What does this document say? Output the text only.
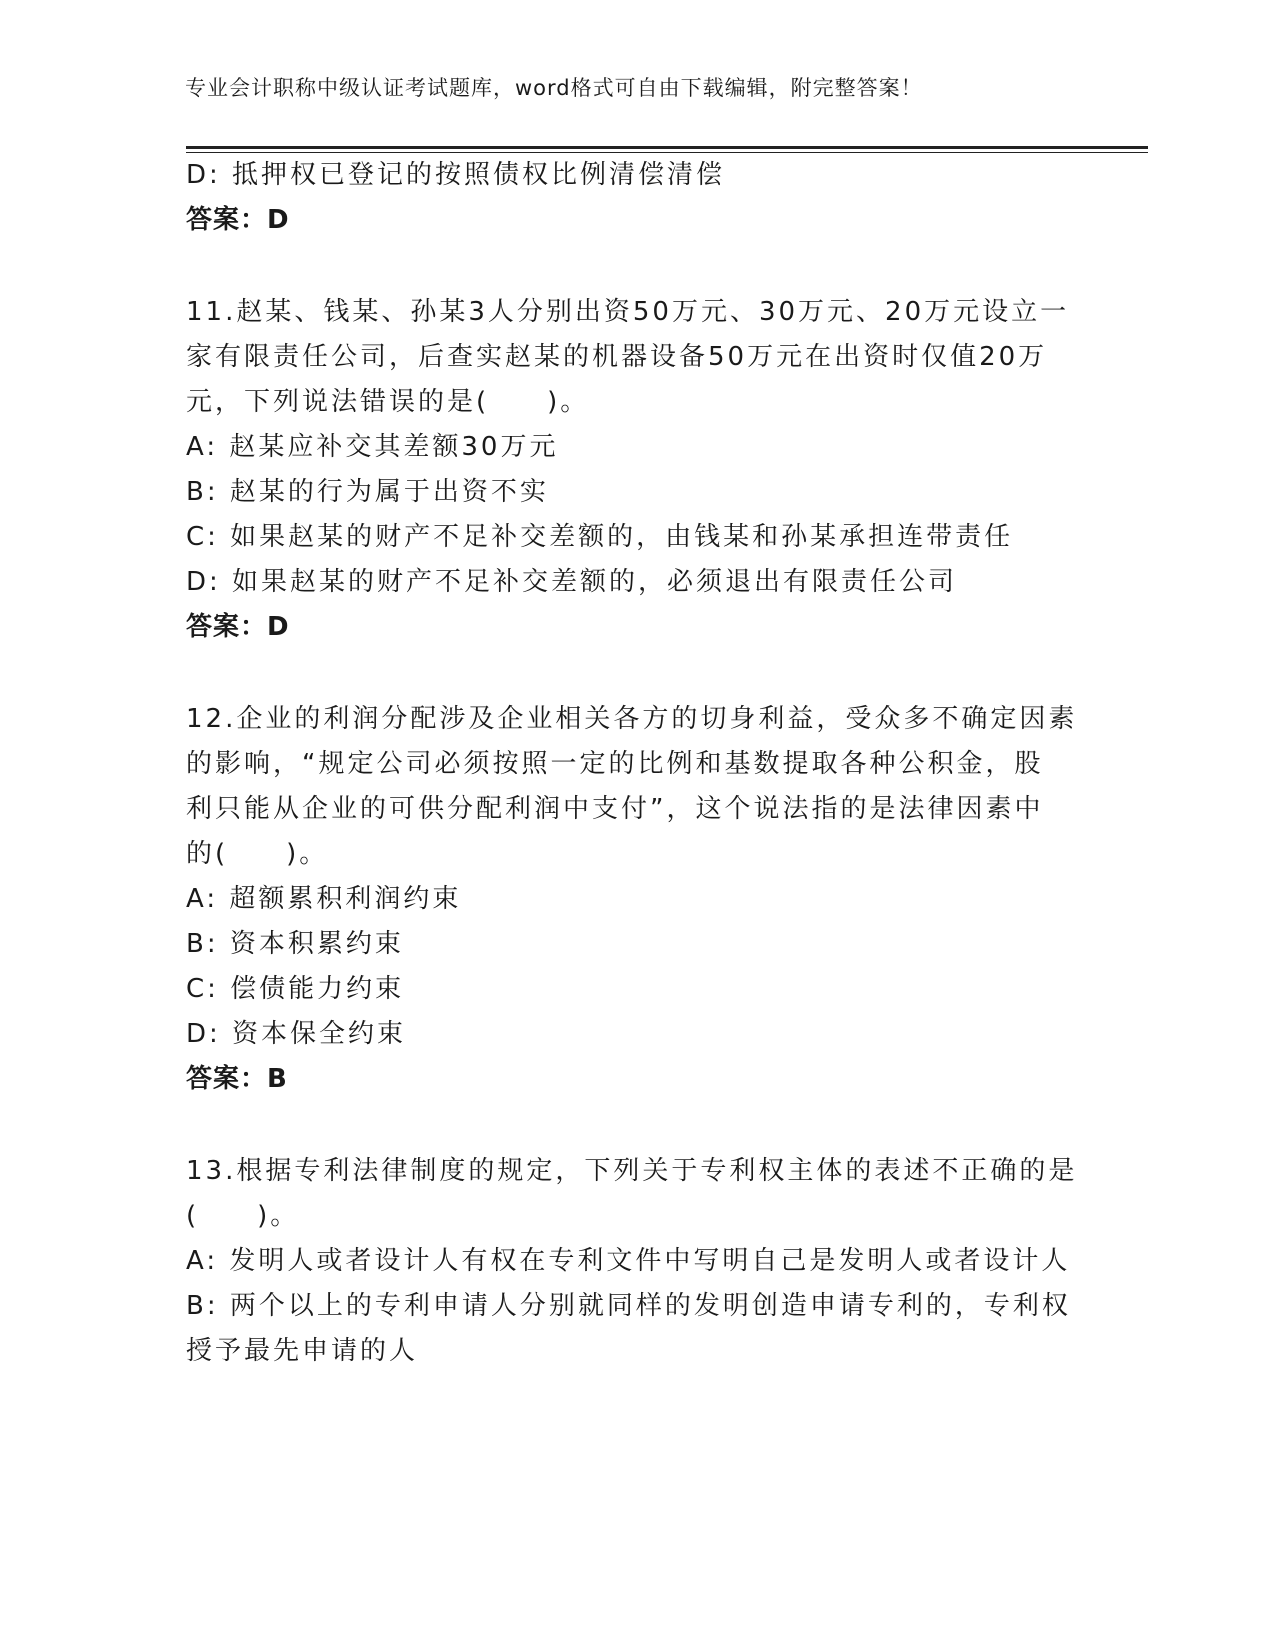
专业会计职称中级认证考试题库，word格式可自由下载编辑，附完整答案！
D: 抵押权已登记的按照债权比例清偿清偿
答案：D
11.赵某、钱某、孙某3人分别出资50万元、30万元、20万元设立一
家有限责任公司，后查实赵某的机器设备50万元在出资时仅值20万
元，下列说法错误的是(　　)。
A: 赵某应补交其差额30万元
B: 赵某的行为属于出资不实
C: 如果赵某的财产不足补交差额的，由钱某和孙某承担连带责任
D: 如果赵某的财产不足补交差额的，必须退出有限责任公司
答案：D
12.企业的利润分配涉及企业相关各方的切身利益，受众多不确定因素
的影响，“规定公司必须按照一定的比例和基数提取各种公积金，股
利只能从企业的可供分配利润中支付”，这个说法指的是法律因素中
的(　　)。
A: 超额累积利润约束
B: 资本积累约束
C: 偿债能力约束
D: 资本保全约束
答案：B
13.根据专利法律制度的规定，下列关于专利权主体的表述不正确的是
(　　)。
A: 发明人或者设计人有权在专利文件中写明自己是发明人或者设计人
B: 两个以上的专利申请人分别就同样的发明创造申请专利的，专利权
授予最先申请的人
